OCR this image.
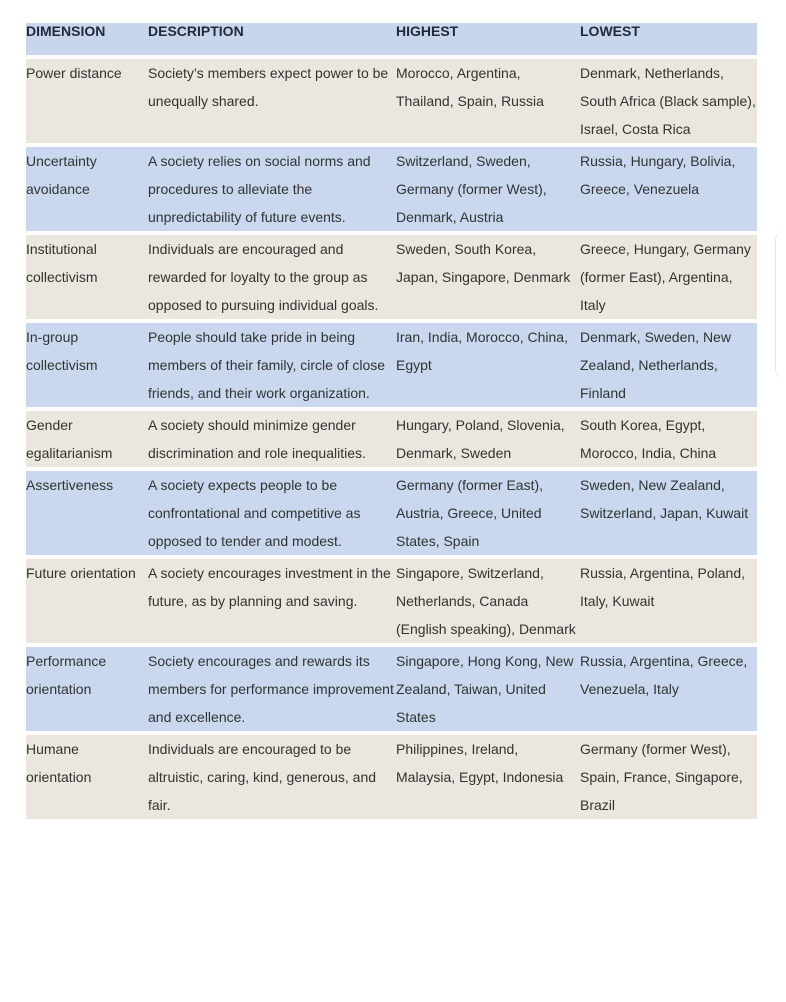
DIMENSION	DESCRIPTION	HIGHEST	LOWEST

Power distance	Society’s members expect power to be unequally shared.	Morocco, Argentina, Thailand, Spain, Russia	Denmark, Netherlands, South Africa (Black sample), Israel, Costa Rica

Uncertainty avoidance	A society relies on social norms and procedures to alleviate the unpredictability of future events.	Switzerland, Sweden, Germany (former West), Denmark, Austria	Russia, Hungary, Bolivia, Greece, Venezuela

Institutional collectivism	Individuals are encouraged and rewarded for loyalty to the group as opposed to pursuing individual goals.	Sweden, South Korea, Japan, Singapore, Denmark	Greece, Hungary, Germany (former East), Argentina, Italy

In-group collectivism	People should take pride in being members of their family, circle of close friends, and their work organization.	Iran, India, Morocco, China, Egypt	Denmark, Sweden, New Zealand, Netherlands, Finland

Gender egalitarianism	A society should minimize gender discrimination and role inequalities.	Hungary, Poland, Slovenia, Denmark, Sweden	South Korea, Egypt, Morocco, India, China

Assertiveness	A society expects people to be confrontational and competitive as opposed to tender and modest.	Germany (former East), Austria, Greece, United States, Spain	Sweden, New Zealand, Switzerland, Japan, Kuwait

Future orientation	A society encourages investment in the future, as by planning and saving.	Singapore, Switzerland, Netherlands, Canada (English speaking), Denmark	Russia, Argentina, Poland, Italy, Kuwait

Performance orientation	Society encourages and rewards its members for performance improvement and excellence.	Singapore, Hong Kong, New Zealand, Taiwan, United States	Russia, Argentina, Greece, Venezuela, Italy

Humane orientation	Individuals are encouraged to be altruistic, caring, kind, generous, and fair.	Philippines, Ireland, Malaysia, Egypt, Indonesia	Germany (former West), Spain, France, Singapore, Brazil
